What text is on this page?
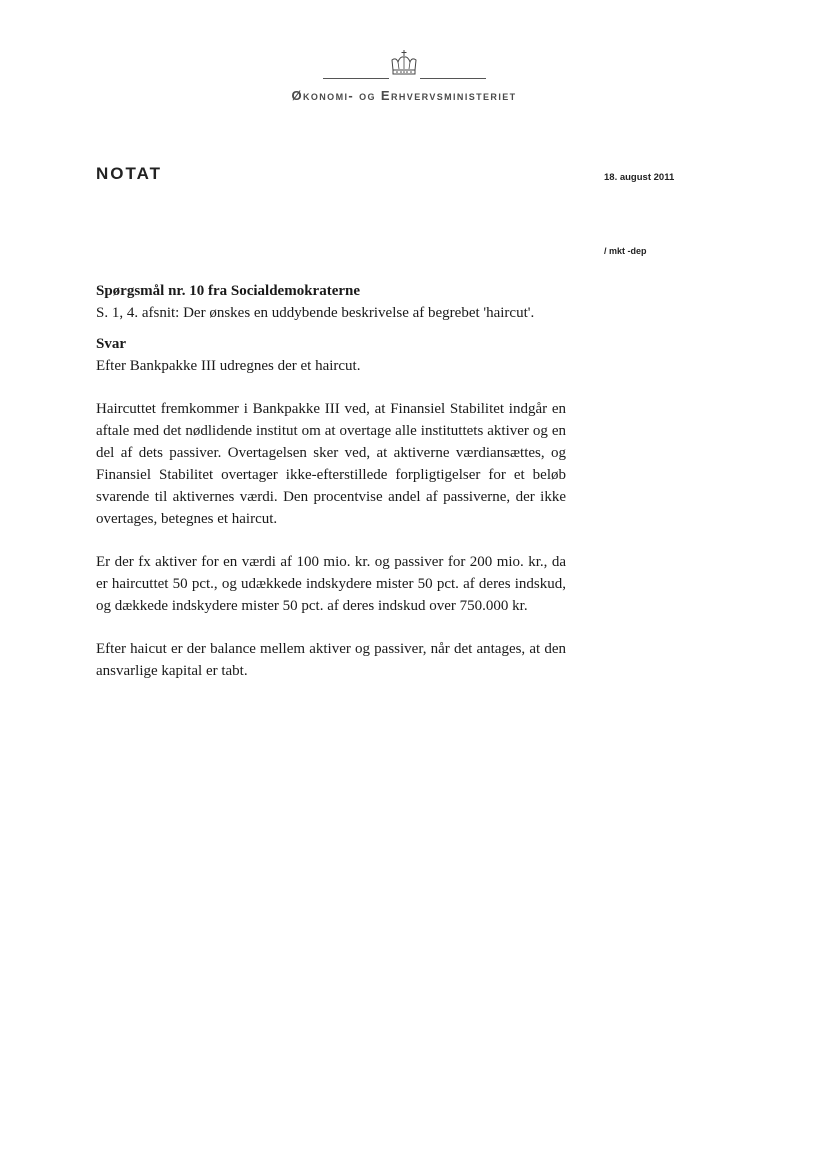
Økonomi- og Erhvervsministeriet
NOTAT	18. august 2011
/ mkt -dep

Spørgsmål nr. 10 fra Socialdemokraterne

S. 1, 4. afsnit: Der ønskes en uddybende beskrivelse af begrebet 'haircut'.

Svar

Efter Bankpakke III udregnes der et haircut.

Haircuttet fremkommer i Bankpakke III ved, at Finansiel Stabilitet indgår en aftale med det nødlidende institut om at overtage alle instituttets aktiver og en del af dets passiver. Overtagelsen sker ved, at aktiverne værdiansættes, og Finansiel Stabilitet overtager ikke-efterstillede forpligtigelser for et beløb svarende til aktivernes værdi. Den procentvise andel af passiverne, der ikke overtages, betegnes et haircut.

Er der fx aktiver for en værdi af 100 mio. kr. og passiver for 200 mio. kr., da er haircuttet 50 pct., og udækkede indskydere mister 50 pct. af deres indskud, og dækkede indskydere mister 50 pct. af deres indskud over 750.000 kr.

Efter haicut er der balance mellem aktiver og passiver, når det antages, at den ansvarlige kapital er tabt.
